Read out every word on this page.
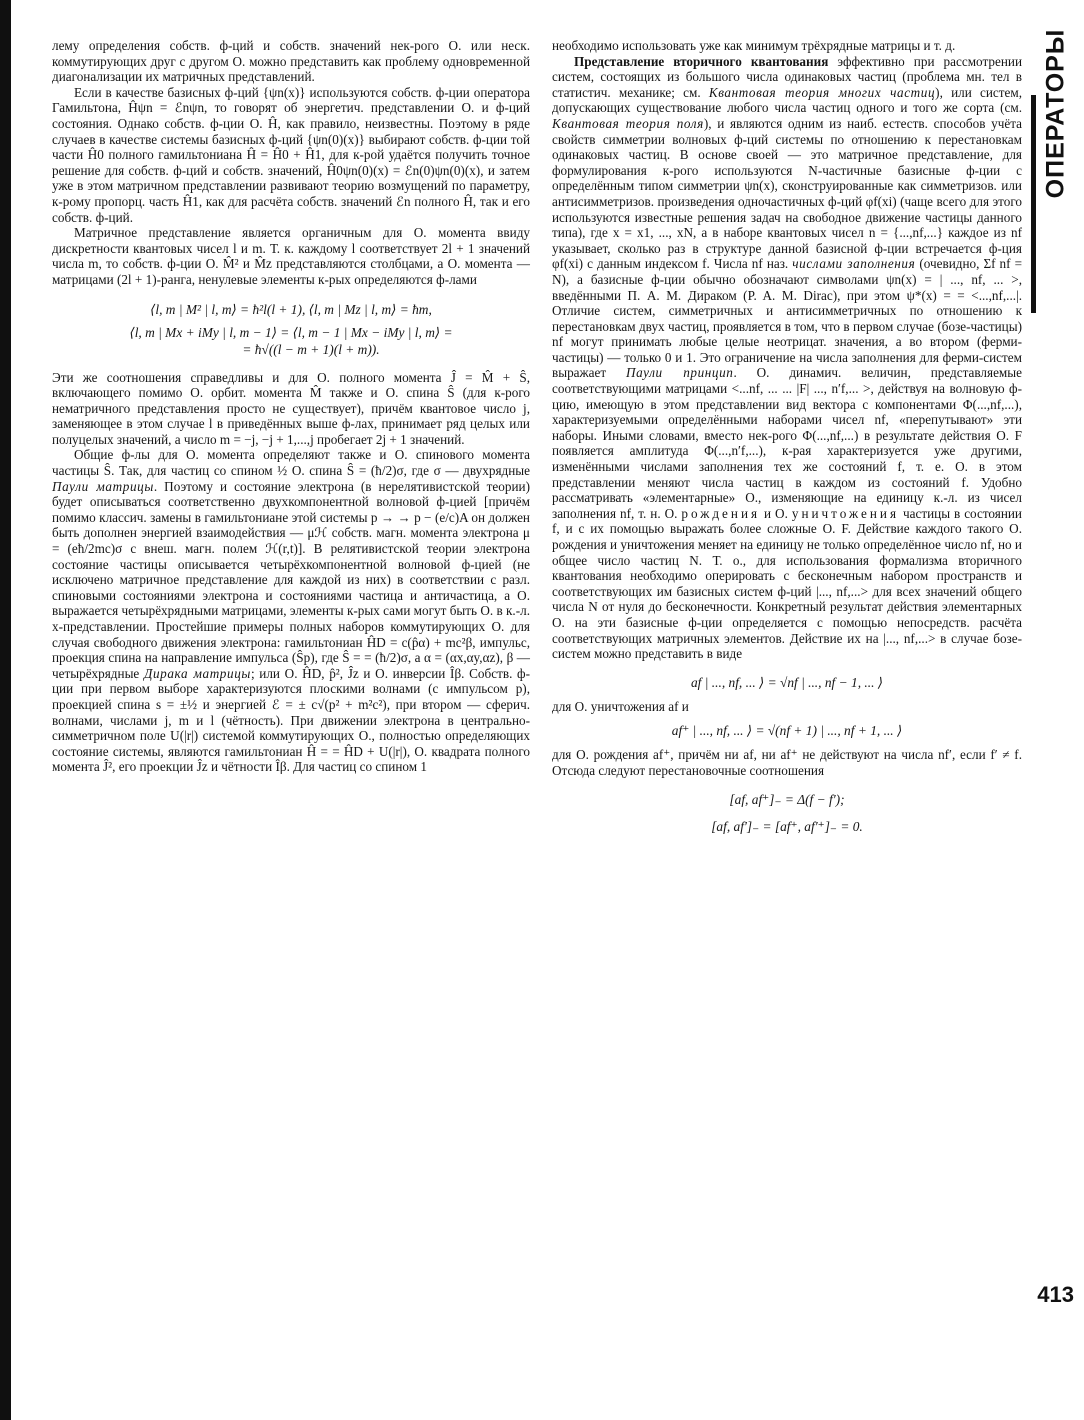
лему определения собств. ф-ций и собств. значений нек-рого О. или неск. коммутирующих друг с другом О. можно представить как проблему одновременной диагонализации их матричных представлений.

Если в качестве базисных ф-ций {ψn(x)} используются собств. ф-ции оператора Гамильтона, Ĥψn = ℰnψn, то говорят об энергетич. представлении О. и ф-ций состояния. Однако собств. ф-ции О. Ĥ, как правило, неизвестны. Поэтому в ряде случаев в качестве системы базисных ф-ций {ψn(0)(x)} выбирают собств. ф-ции той части Ĥ0 полного гамильтониана Ĥ = Ĥ0 + Ĥ1, для к-рой удаётся получить точное решение для собств. ф-ций и собств. значений, Ĥ0ψn(0)(x) = ℰn(0)ψn(0)(x), и затем уже в этом матричном представлении развивают теорию возмущений по параметру, к-рому пропорц. часть Ĥ1, как для расчёта собств. значений ℰn полного Ĥ, так и его собств. ф-ций.

Матричное представление является органичным для О. момента ввиду дискретности квантовых чисел l и m. Т. к. каждому l соответствует 2l + 1 значений числа m, то собств. ф-ции О. M̂² и M̂z представляются столбцами, а О. момента — матрицами (2l + 1)-ранга, ненулевые элементы к-рых определяются ф-лами

⟨l, m | M² | l, m⟩ = ħ²l(l + 1), ⟨l, m | Mz | l, m⟩ = ħm,
⟨l, m | Mx + iMy | l, m − 1⟩ = ⟨l, m − 1 | Mx − iMy | l, m⟩ =
= ħ√((l − m + 1)(l + m)).

Эти же соотношения справедливы и для О. полного момента Ĵ = M̂ + Ŝ, включающего помимо О. орбит. момента M̂ также и О. спина Ŝ (для к-рого нематричного представления просто не существует), причём квантовое число j, заменяющее в этом случае l в приведённых выше ф-лах, принимает ряд целых или полуцелых значений, а число m = −j, −j + 1,...,j пробегает 2j + 1 значений.

Общие ф-лы для О. момента определяют также и О. спинового момента частицы Ŝ. Так, для частиц со спином ½ О. спина Ŝ = (ħ/2)σ, где σ — двухрядные Паули матрицы. Поэтому и состояние электрона (в нерелятивистской теории) будет описываться соответственно двухкомпонентной волновой ф-цией [причём помимо классич. замены в гамильтониане этой системы p → → p − (e/c)A он должен быть дополнен энергией взаимодействия — μℋ собств. магн. момента электрона μ = (eħ/2mc)σ с внеш. магн. полем ℋ(r,t)]. В релятивистской теории электрона состояние частицы описывается четырёхкомпонентной волновой ф-цией (не исключено матричное представление для каждой из них) в соответствии с разл. спиновыми состояниями электрона и состояниями частица и античастица, а О. выражается четырёхрядными матрицами, элементы к-рых сами могут быть О. в к.-л. x-представлении. Простейшие примеры полных наборов коммутирующих О. для случая свободного движения электрона: гамильтониан ĤD = c(p̂α) + mc²β, импульс, проекция спина на направление импульса (Ŝp), где Ŝ = = (ħ/2)σ, а α = (αx,αy,αz), β — четырёхрядные Дирака матрицы; или О. ĤD, p̂², Ĵz и О. инверсии Îβ. Собств. ф-ции при первом выборе характеризуются плоскими волнами (с импульсом p), проекцией спина s = ±½ и энергией ℰ = ± c√(p² + m²c²), при втором — сферич. волнами, числами j, m и l (чётность). При движении электрона в центрально-симметричном поле U(|r|) системой коммутирующих О., полностью определяющих состояние системы, являются гамильтониан Ĥ = = ĤD + U(|r|), О. квадрата полного момента Ĵ², его проекции Ĵz и чётности Îβ. Для частиц со спином 1

необходимо использовать уже как минимум трёхрядные матрицы и т. д.

Представление вторичного квантования эффективно при рассмотрении систем, состоящих из большого числа одинаковых частиц (проблема мн. тел в статистич. механике; см. Квантовая теория многих частиц), или систем, допускающих существование любого числа частиц одного и того же сорта (см. Квантовая теория поля), и являются одним из наиб. естеств. способов учёта свойств симметрии волновых ф-ций системы по отношению к перестановкам одинаковых частиц. В основе своей — это матричное представление, для формулирования к-рого используются N-частичные базисные ф-ции с определённым типом симметрии ψn(x), сконструированные как симметризов. или антисимметризов. произведения одночастичных ф-ций φf(xi) (чаще всего для этого используются известные решения задач на свободное движение частицы данного типа), где x = x1, ..., xN, а в наборе квантовых чисел n = {...,nf,...} каждое из nf указывает, сколько раз в структуре данной базисной ф-ции встречается ф-ция φf(xi) с данным индексом f. Числа nf наз. числами заполнения (очевидно, Σf nf = N), а базисные ф-ции обычно обозначают символами ψn(x) = | ..., nf, ... >, введёнными П. А. М. Дираком (P. A. M. Dirac), при этом ψ*(x) = = <...,nf,...|. Отличие систем, симметричных и антисимметричных по отношению к перестановкам двух частиц, проявляется в том, что в первом случае (бозе-частицы) nf могут принимать любые целые неотрицат. значения, а во втором (ферми-частицы) — только 0 и 1. Это ограничение на числа заполнения для ферми-систем выражает Паули принцип. О. динамич. величин, представляемые соответствующими матрицами <...nf, ... ... |F| ..., n′f,... >, действуя на волновую ф-цию, имеющую в этом представлении вид вектора с компонентами Φ(...,nf,...), характеризуемыми определёнными наборами чисел nf, «перепутывают» эти наборы. Иными словами, вместо нек-рого Φ(...,nf,...) в результате действия О. F появляется амплитуда Φ(...,n′f,...), к-рая характеризуется уже другими, изменёнными числами заполнения тех же состояний f, т. е. О. в этом представлении меняют числа частиц в каждом из состояний f. Удобно рассматривать «элементарные» О., изменяющие на единицу к.-л. из чисел заполнения nf, т. н. О. рождения и О. уничтожения частицы в состоянии f, и с их помощью выражать более сложные О. F. Действие каждого такого О. рождения и уничтожения меняет на единицу не только определённое число nf, но и общее число частиц N. Т. о., для использования формализма вторичного квантования необходимо оперировать с бесконечным набором пространств и соответствующих им базисных систем ф-ций |..., nf,...> для всех значений общего числа N от нуля до бесконечности. Конкретный результат действия элементарных О. на эти базисные ф-ции определяется с помощью непосредств. расчёта соответствующих матричных элементов. Действие их на |..., nf,...> в случае бозе-систем можно представить в виде

af | ..., nf, ... ⟩ = √nf | ..., nf − 1, ... ⟩

для О. уничтожения af и

af⁺ | ..., nf, ... ⟩ = √(nf + 1) | ..., nf + 1, ... ⟩

для О. рождения af⁺, причём ни af, ни af⁺ не действуют на числа nf′, если f′ ≠ f. Отсюда следуют перестановочные соотношения

[af, af⁺]₋ = Δ(f − f′);
[af, af′]₋ = [af⁺, af′⁺]₋ = 0.
ОПЕРАТОРЫ
413
